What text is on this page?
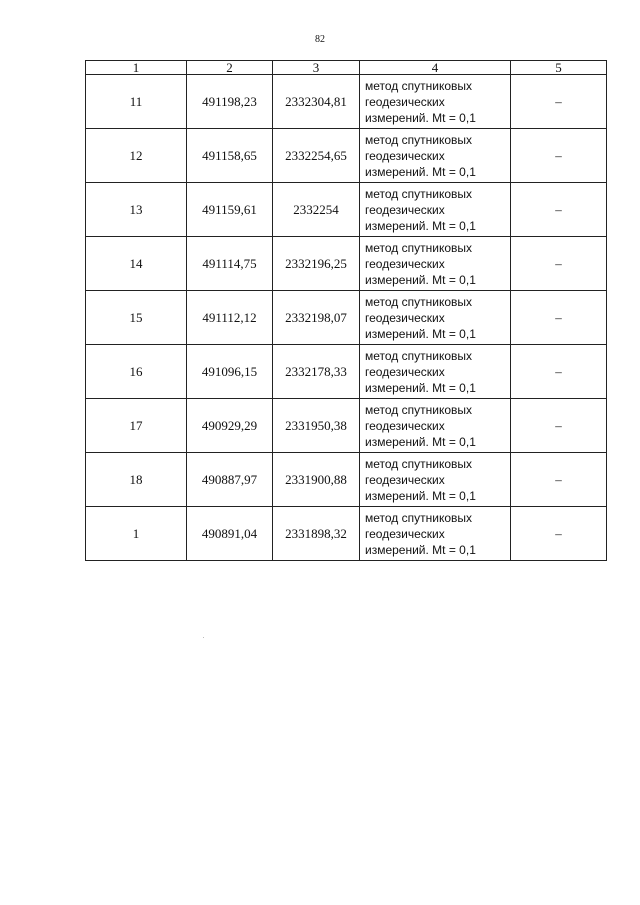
82
1	2	3	4	5
11	491198,23	2332304,81	метод спутниковых
геодезических
измерений. Mt = 0,1	–
12	491158,65	2332254,65	метод спутниковых
геодезических
измерений. Mt = 0,1	–
13	491159,61	2332254	метод спутниковых
геодезических
измерений. Mt = 0,1	–
14	491114,75	2332196,25	метод спутниковых
геодезических
измерений. Mt = 0,1	–
15	491112,12	2332198,07	метод спутниковых
геодезических
измерений. Mt = 0,1	–
16	491096,15	2332178,33	метод спутниковых
геодезических
измерений. Mt = 0,1	–
17	490929,29	2331950,38	метод спутниковых
геодезических
измерений. Mt = 0,1	–
18	490887,97	2331900,88	метод спутниковых
геодезических
измерений. Mt = 0,1	–
1	490891,04	2331898,32	метод спутниковых
геодезических
измерений. Mt = 0,1	–
